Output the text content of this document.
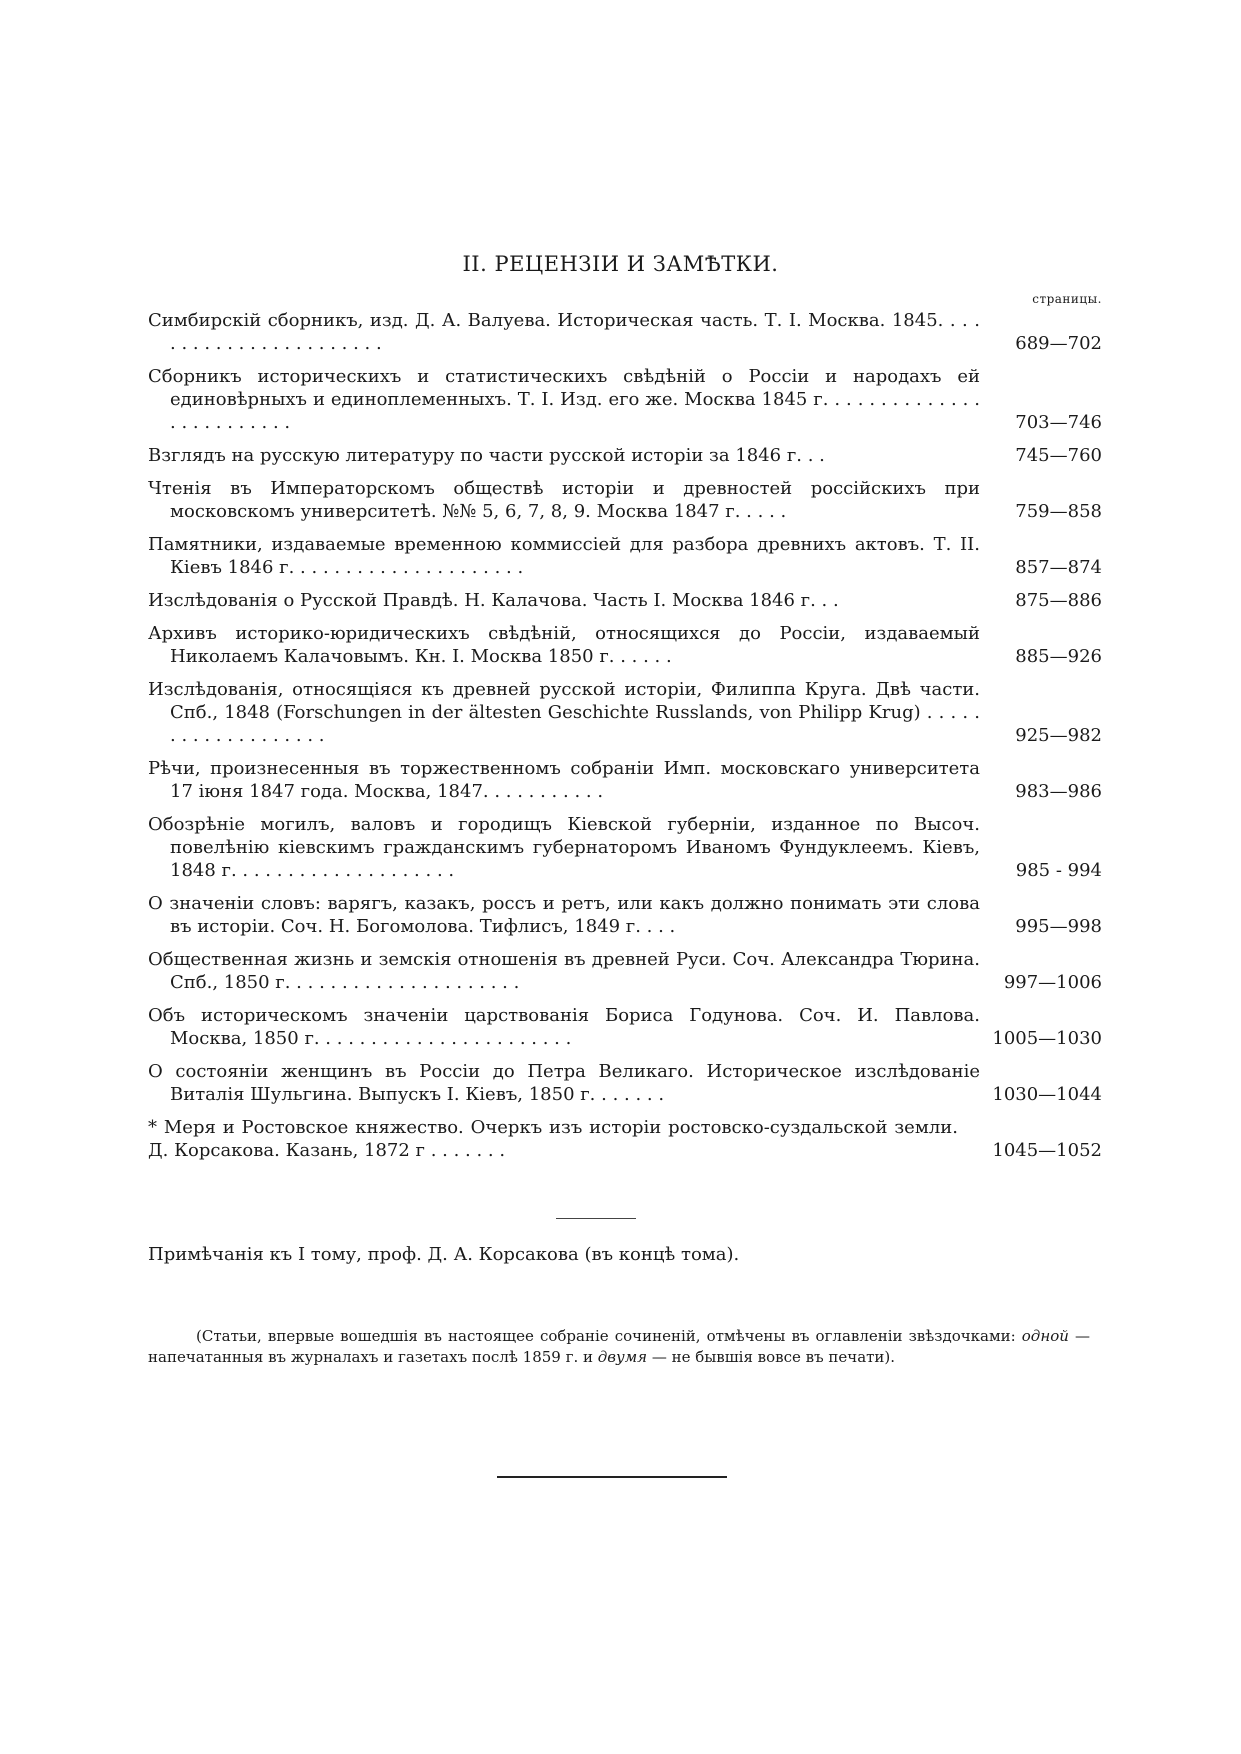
II. РЕЦЕНЗІИ И ЗАМѢТКИ.
страницы.
Симбирскій сборникъ, изд. Д. А. Валуева. Историческая часть. Т. I. Москва. 1845. . . . . . . . . . . . . . . . . . . . . . .	689—702
Сборникъ историческихъ и статистическихъ свѣдѣній о Россіи и народахъ ей единовѣрныхъ и единоплеменныхъ. Т. I. Изд. его же. Москва 1845 г. . . . . . . . . . . . . . . . . . . . . . . . .	703—746
Взглядъ на русскую литературу по части русской исторіи за 1846 г. . .	745—760
Чтенія въ Императорскомъ обществѣ исторіи и древностей россійскихъ при московскомъ университетѣ. №№ 5, 6, 7, 8, 9. Москва 1847 г. . . . .	759—858
Памятники, издаваемые временною коммиссіей для разбора древнихъ актовъ. Т. II. Кіевъ 1846 г. . . . . . . . . . . . . . . . . . . . .	857—874
Изслѣдованія о Русской Правдѣ. Н. Калачова. Часть I. Москва 1846 г. . .	875—886
Архивъ историко-юридическихъ свѣдѣній, относящихся до Россіи, издаваемый Николаемъ Калачовымъ. Кн. I. Москва 1850 г. . . . . .	885—926
Изслѣдованія, относящіяся къ древней русской исторіи, Филиппа Круга. Двѣ части. Спб., 1848 (Forschungen in der ältesten Geschichte Russlands, von Philipp Krug) . . . . . . . . . . . . . . . . . . .	925—982
Рѣчи, произнесенныя въ торжественномъ собраніи Имп. московскаго университета 17 іюня 1847 года. Москва, 1847. . . . . . . . . . .	983—986
Обозрѣніе могилъ, валовъ и городищъ Кіевской губерніи, изданное по Высоч. повелѣнію кіевскимъ гражданскимъ губернаторомъ Иваномъ Фундуклеемъ. Кіевъ, 1848 г. . . . . . . . . . . . . . . . . . . .	985 - 994
О значеніи словъ: варягъ, казакъ, россъ и ретъ, или какъ должно понимать эти слова въ исторіи. Соч. Н. Богомолова. Тифлисъ, 1849 г. . . .	995—998
Общественная жизнь и земскія отношенія въ древней Руси. Соч. Александра Тюрина. Спб., 1850 г. . . . . . . . . . . . . . . . . . . . .	997—1006
Объ историческомъ значеніи царствованія Бориса Годунова. Соч. И. Павлова. Москва, 1850 г. . . . . . . . . . . . . . . . . . . . . . .	1005—1030
О состояніи женщинъ въ Россіи до Петра Великаго. Историческое изслѣдованіе Виталія Шульгина. Выпускъ I. Кіевъ, 1850 г. . . . . . .	1030—1044
* Меря и Ростовское княжество. Очеркъ изъ исторіи ростовско-суздальской земли. Д. Корсакова. Казань, 1872 г . . . . . . .	1045—1052
Примѣчанія къ I тому, проф. Д. А. Корсакова (въ концѣ тома).
(Статьи, впервые вошедшія въ настоящее собраніе сочиненій, отмѣчены въ оглавленіи звѣздочками: одной — напечатанныя въ журналахъ и газетахъ послѣ 1859 г. и двумя — не бывшія вовсе въ печати).
